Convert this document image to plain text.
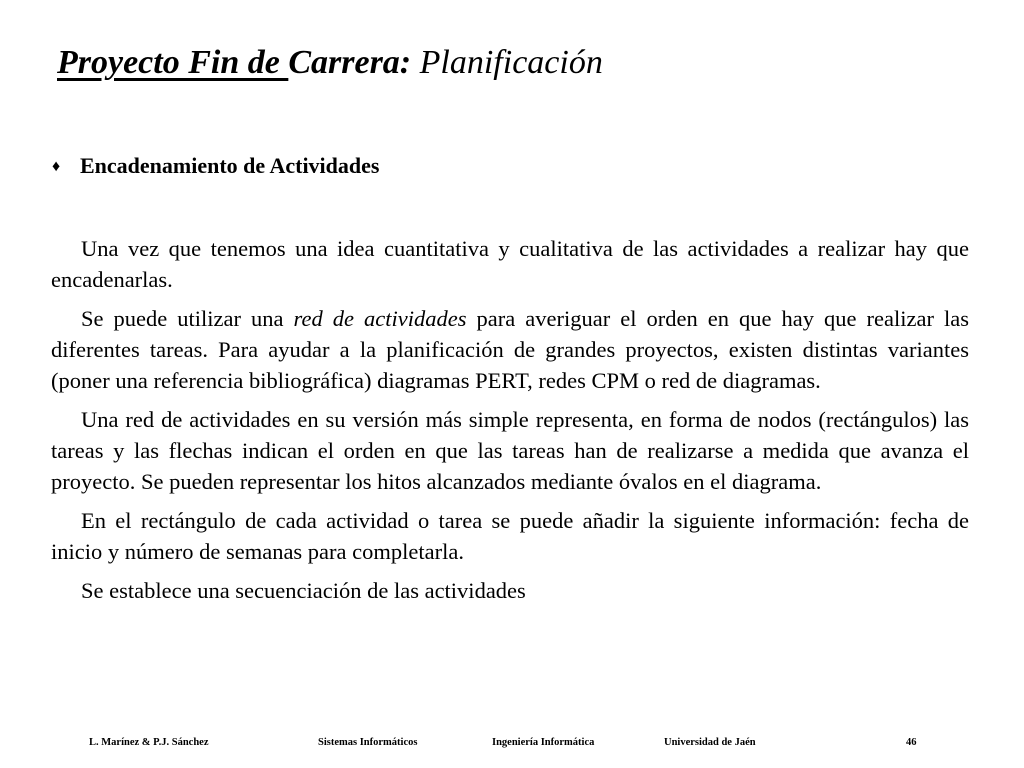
Proyecto Fin de Carrera: Planificación
♦ Encadenamiento de Actividades

Una vez que tenemos una idea cuantitativa y cualitativa de las actividades a realizar hay que encadenarlas.

Se puede utilizar una red de actividades para averiguar el orden en que hay que realizar las diferentes tareas. Para ayudar a la planificación de grandes proyectos, existen distintas variantes (poner una referencia bibliográfica) diagramas PERT, redes CPM o red de diagramas.

Una red de actividades en su versión más simple representa, en forma de nodos (rectángulos) las tareas y las flechas indican el orden en que las tareas han de realizarse a medida que avanza el proyecto. Se pueden representar los hitos alcanzados mediante óvalos en el diagrama.

En el rectángulo de cada actividad o tarea se puede añadir la siguiente información: fecha de inicio y número de semanas para completarla.

Se establece una secuenciación de las actividades

L. Marínez & P.J. Sánchez	Sistemas Informáticos	Ingeniería Informática	Universidad de Jaén	46
